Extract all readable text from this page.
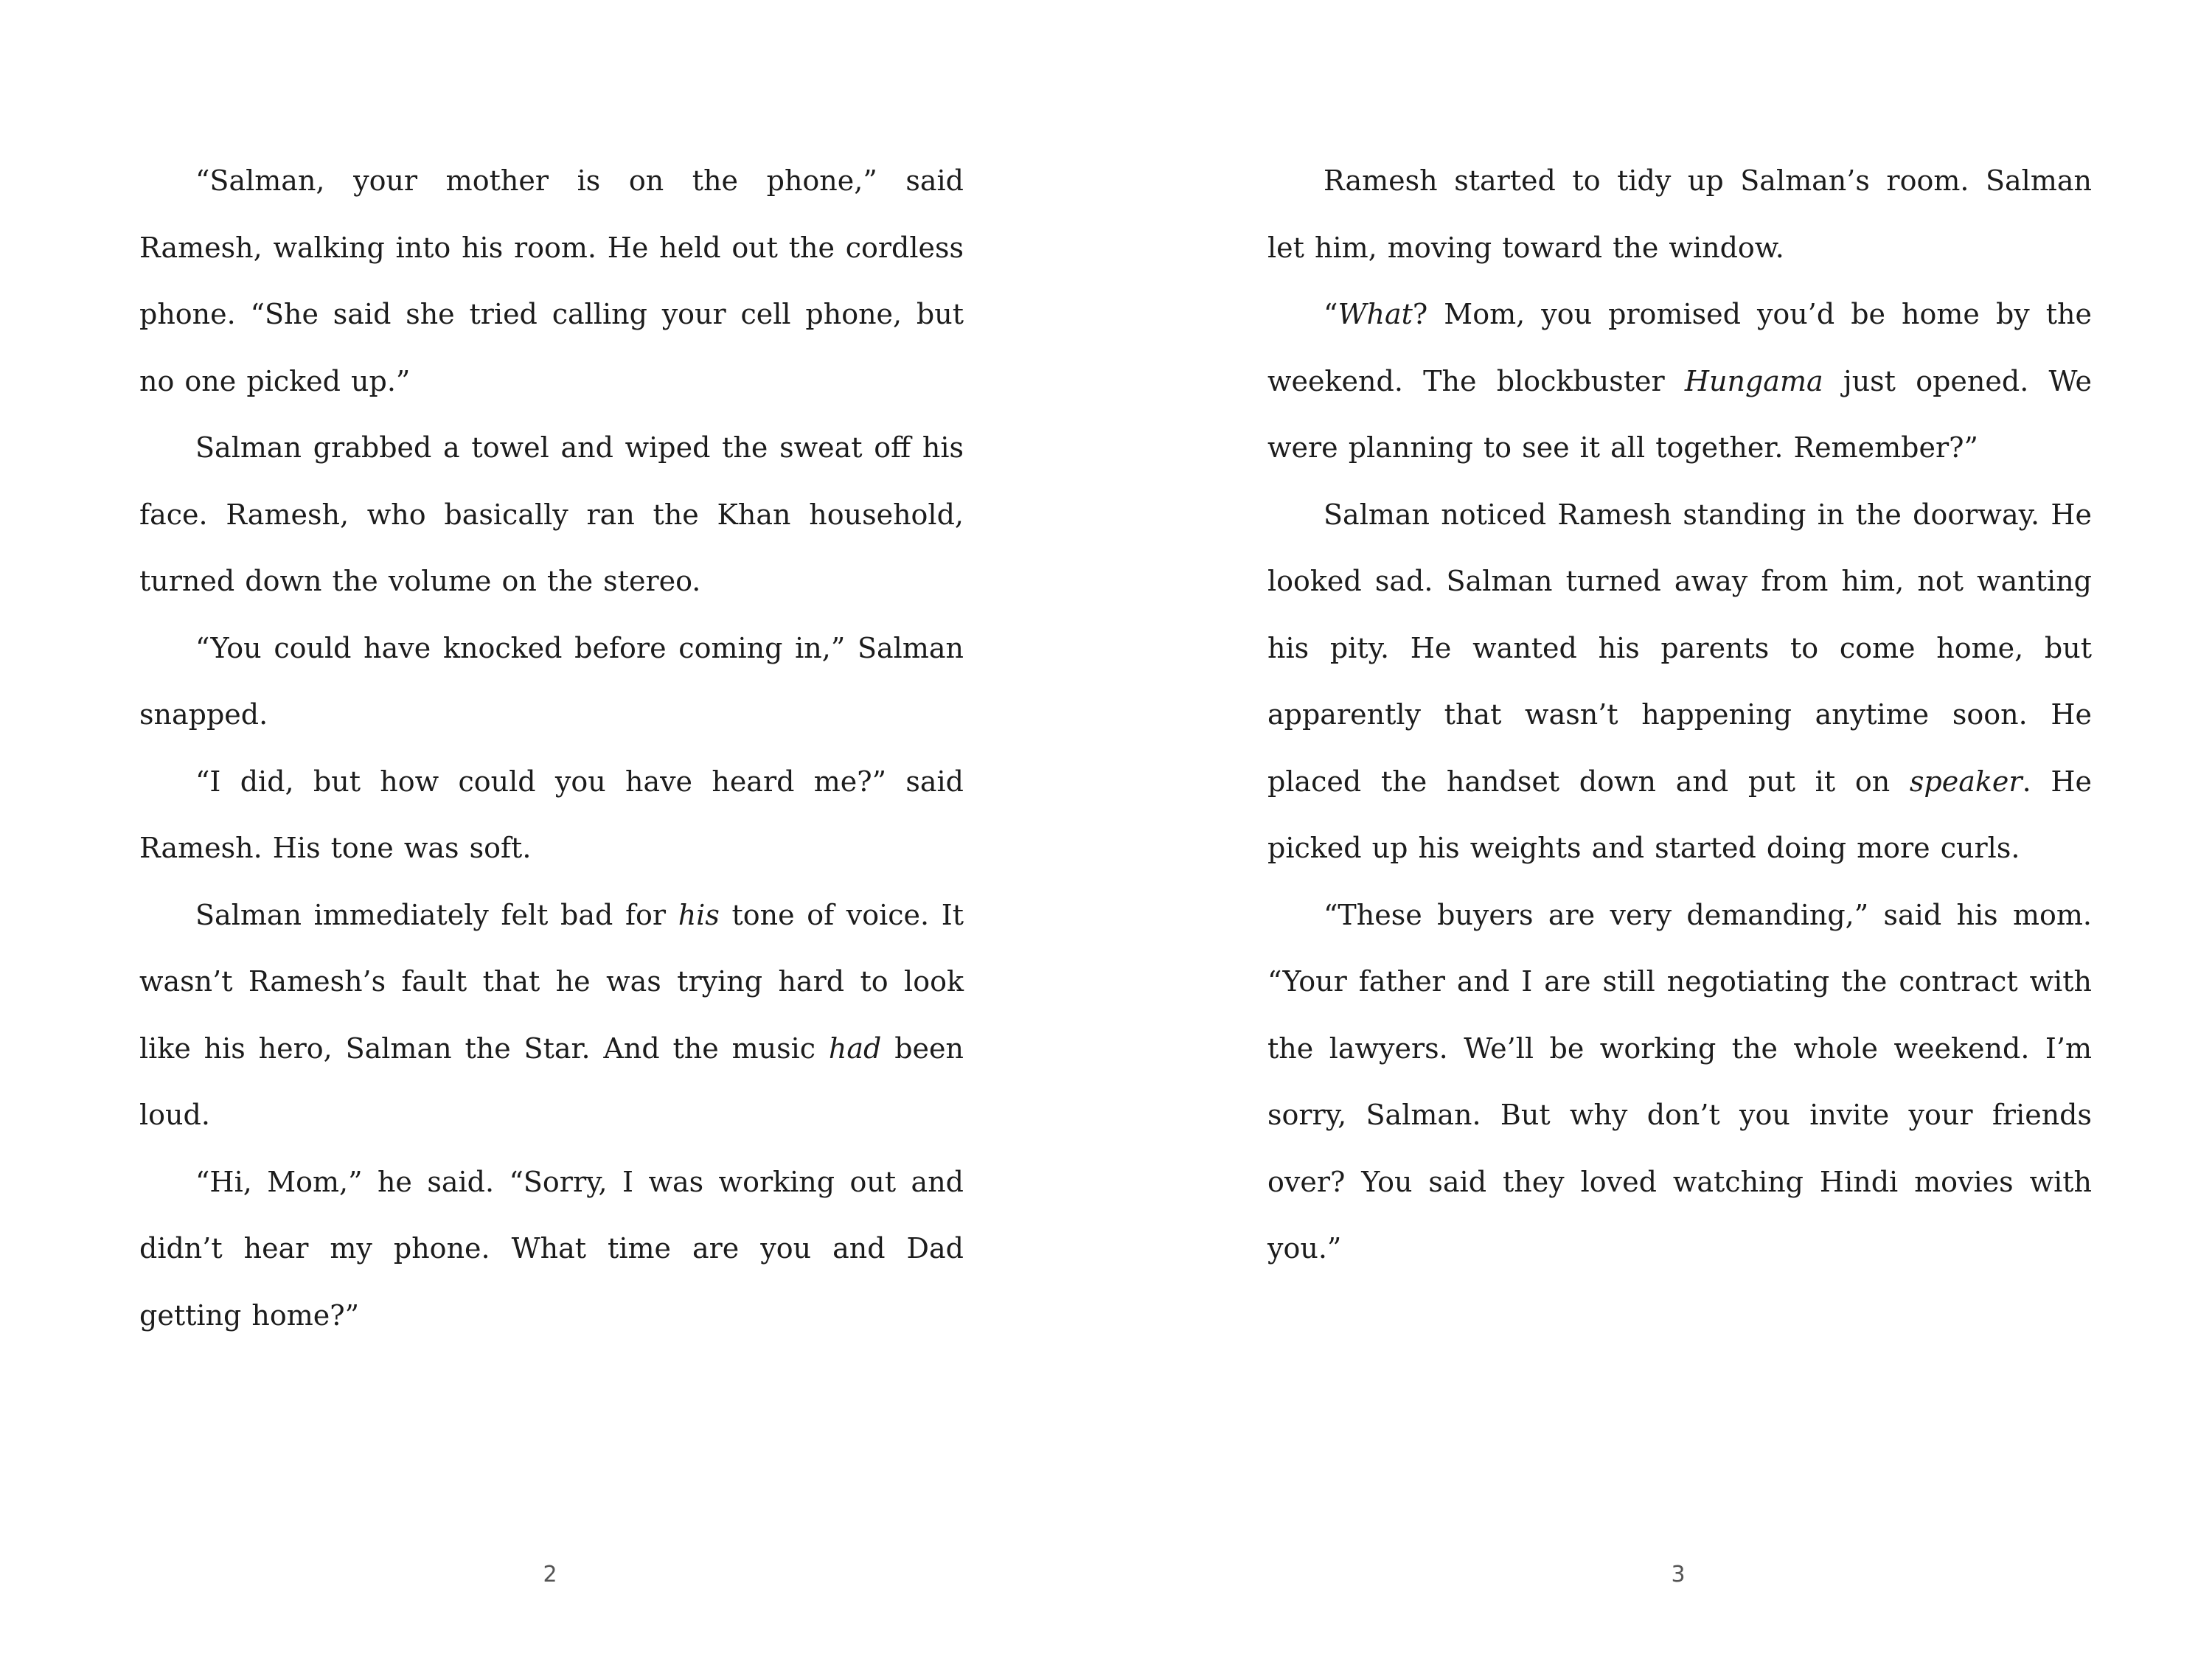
“Salman, your mother is on the phone,” said Ramesh, walking into his room. He held out the cordless phone. “She said she tried calling your cell phone, but no one picked up.”

Salman grabbed a towel and wiped the sweat off his face. Ramesh, who basically ran the Khan household, turned down the volume on the stereo.

“You could have knocked before coming in,” Salman snapped.

“I did, but how could you have heard me?” said Ramesh. His tone was soft.

Salman immediately felt bad for his tone of voice. It wasn’t Ramesh’s fault that he was trying hard to look like his hero, Salman the Star. And the music had been loud.

“Hi, Mom,” he said. “Sorry, I was working out and didn’t hear my phone. What time are you and Dad getting home?”

Ramesh started to tidy up Salman’s room. Salman let him, moving toward the window.

“What? Mom, you promised you’d be home by the weekend. The blockbuster Hungama just opened. We were planning to see it all together. Remember?”

Salman noticed Ramesh standing in the doorway. He looked sad. Salman turned away from him, not wanting his pity. He wanted his parents to come home, but apparently that wasn’t happening anytime soon. He placed the handset down and put it on speaker. He picked up his weights and started doing more curls.

“These buyers are very demanding,” said his mom. “Your father and I are still negotiating the contract with the lawyers. We’ll be working the whole weekend. I’m sorry, Salman. But why don’t you invite your friends over? You said they loved watching Hindi movies with you.”

2	3
